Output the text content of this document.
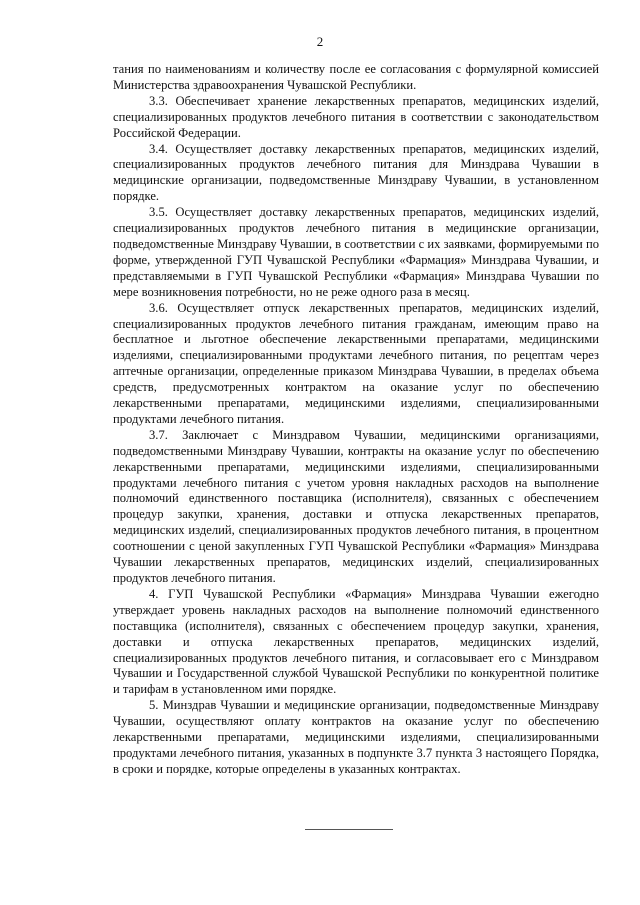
2

тания по наименованиям и количеству после ее согласования с формулярной комиссией Министерства здравоохранения Чувашской Республики.

3.3. Обеспечивает хранение лекарственных препаратов, медицинских изделий, специализированных продуктов лечебного питания в соответствии с законодательством Российской Федерации.

3.4. Осуществляет доставку лекарственных препаратов, медицинских изделий, специализированных продуктов лечебного питания для Минздрава Чувашии в медицинские организации, подведомственные Минздраву Чувашии, в установленном порядке.

3.5. Осуществляет доставку лекарственных препаратов, медицинских изделий, специализированных продуктов лечебного питания в медицинские организации, подведомственные Минздраву Чувашии, в соответствии с их заявками, формируемыми по форме, утвержденной ГУП Чувашской Республики «Фармация» Минздрава Чувашии, и представляемыми в ГУП Чувашской Республики «Фармация» Минздрава Чувашии по мере возникновения потребности, но не реже одного раза в месяц.

3.6. Осуществляет отпуск лекарственных препаратов, медицинских изделий, специализированных продуктов лечебного питания гражданам, имеющим право на бесплатное и льготное обеспечение лекарственными препаратами, медицинскими изделиями, специализированными продуктами лечебного питания, по рецептам через аптечные организации, определенные приказом Минздрава Чувашии, в пределах объема средств, предусмотренных контрактом на оказание услуг по обеспечению лекарственными препаратами, медицинскими изделиями, специализированными продуктами лечебного питания.

3.7. Заключает с Минздравом Чувашии, медицинскими организациями, подведомственными Минздраву Чувашии, контракты на оказание услуг по обеспечению лекарственными препаратами, медицинскими изделиями, специализированными продуктами лечебного питания с учетом уровня накладных расходов на выполнение полномочий единственного поставщика (исполнителя), связанных с обеспечением процедур закупки, хранения, доставки и отпуска лекарственных препаратов, медицинских изделий, специализированных продуктов лечебного питания, в процентном соотношении с ценой закупленных ГУП Чувашской Республики «Фармация» Минздрава Чувашии лекарственных препаратов, медицинских изделий, специализированных продуктов лечебного питания.

4. ГУП Чувашской Республики «Фармация» Минздрава Чувашии ежегодно утверждает уровень накладных расходов на выполнение полномочий единственного поставщика (исполнителя), связанных с обеспечением процедур закупки, хранения, доставки и отпуска лекарственных препаратов, медицинских изделий, специализированных продуктов лечебного питания, и согласовывает его с Минздравом Чувашии и Государственной службой Чувашской Республики по конкурентной политике и тарифам в установленном ими порядке.

5. Минздрав Чувашии и медицинские организации, подведомственные Минздраву Чувашии, осуществляют оплату контрактов на оказание услуг по обеспечению лекарственными препаратами, медицинскими изделиями, специализированными продуктами лечебного питания, указанных в подпункте 3.7 пункта 3 настоящего Порядка, в сроки и порядке, которые определены в указанных контрактах.
